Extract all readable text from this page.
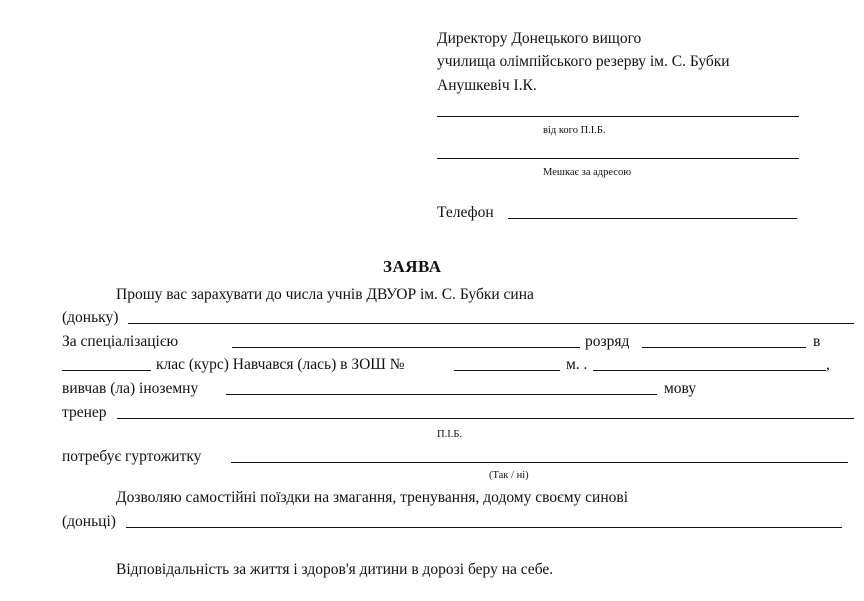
Директору Донецького вищого
училища олімпійського резерву ім. С. Бубки
Анушкевіч І.К.
від кого П.І.Б.
Мешкає за адресою
Телефон
ЗАЯВА
Прошу вас зарахувати до числа учнів ДВУОР ім. С. Бубки сина
(доньку)
За спеціалізацією	розряд	в
клас (курс) Навчався (лась) в ЗОШ №	м. .	,
вивчав (ла) іноземну	мову
тренер
П.І.Б.
потребує гуртожитку
(Так / ні)
Дозволяю самостійні поїздки на змагання, тренування, додому своєму синові
(доньці)
Відповідальність за життя і здоров'я дитини в дорозі беру на себе.
